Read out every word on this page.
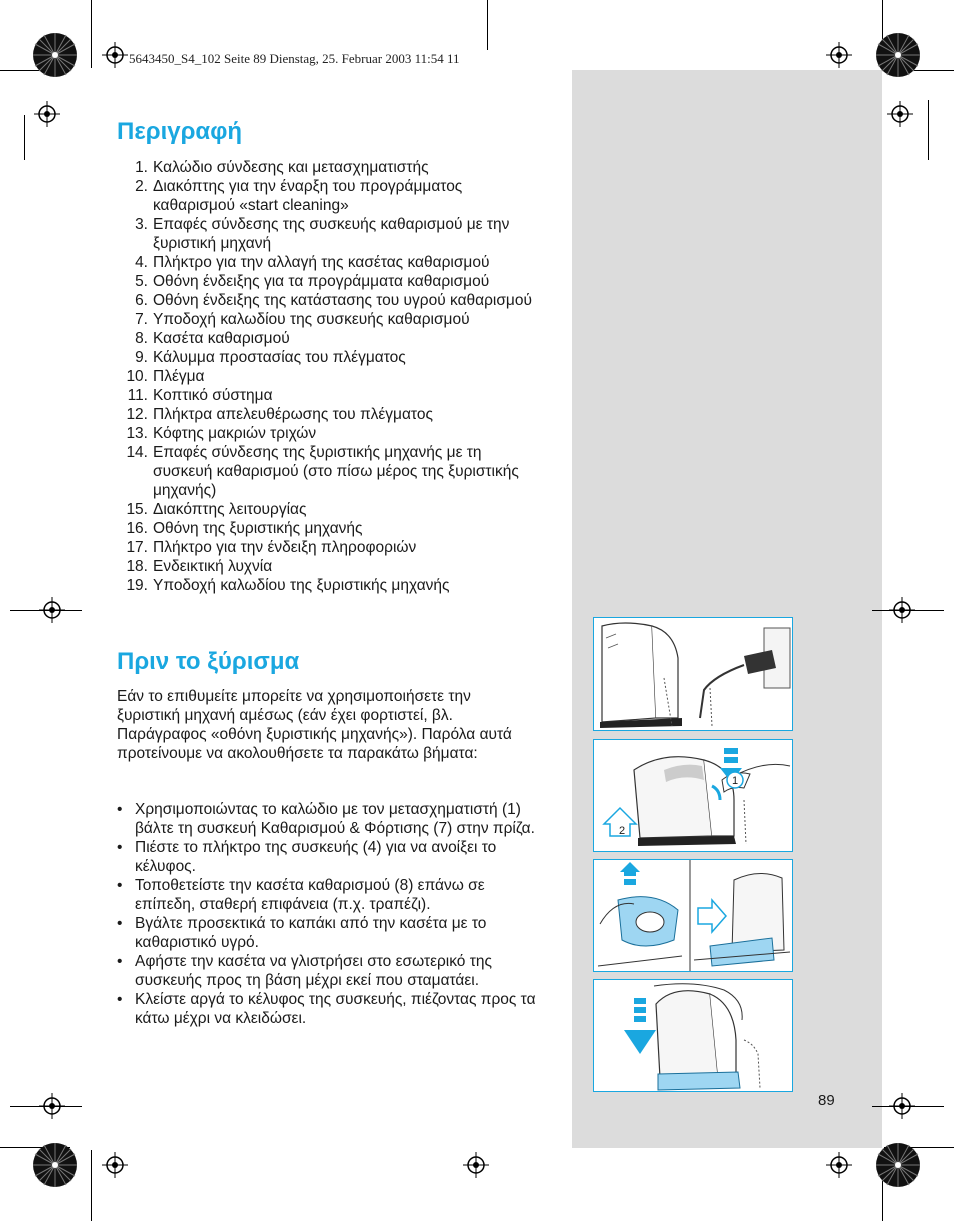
5643450_S4_102 Seite 89 Dienstag, 25. Februar 2003 11:54 11
Περιγραφή
1. Καλώδιο σύνδεσης και μετασχηματιστής
2. Διακόπτης για την έναρξη του προγράμματος καθαρισμού «start cleaning»
3. Επαφές σύνδεσης της συσκευής καθαρισμού με την ξυριστική μηχανή
4. Πλήκτρο για την αλλαγή της κασέτας καθαρισμού
5. Οθόνη ένδειξης για τα προγράμματα καθαρισμού
6. Οθόνη ένδειξης της κατάστασης του υγρού καθαρισμού
7. Υποδοχή καλωδίου της συσκευής καθαρισμού
8. Κασέτα καθαρισμού
9. Κάλυμμα προστασίας του πλέγματος
10. Πλέγμα
11. Κοπτικό σύστημα
12. Πλήκτρα απελευθέρωσης του πλέγματος
13. Κόφτης μακριών τριχών
14. Επαφές σύνδεσης της ξυριστικής μηχανής με τη συσκευή καθαρισμού (στο πίσω μέρος της ξυριστικής μηχανής)
15. Διακόπτης λειτουργίας
16. Οθόνη της ξυριστικής μηχανής
17. Πλήκτρο για την ένδειξη πληροφοριών
18. Ενδεικτική λυχνία
19. Υποδοχή καλωδίου της ξυριστικής μηχανής
Πριν το ξύρισμα

Εάν το επιθυμείτε μπορείτε να χρησιμοποιήσετε την ξυριστική μηχανή αμέσως (εάν έχει φορτιστεί, βλ. Παράγραφος «οθόνη ξυριστικής μηχανής»). Παρόλα αυτά προτείνουμε να ακολουθήσετε τα παρακάτω βήματα:

• Χρησιμοποιώντας το καλώδιο με τον μετασχηματιστή (1) βάλτε τη συσκευή Καθαρισμού & Φόρτισης (7) στην πρίζα.
• Πιέστε το πλήκτρο της συσκευής (4) για να ανοίξει το κέλυφος.
• Τοποθετείστε την κασέτα καθαρισμού (8) επάνω σε επίπεδη, σταθερή επιφάνεια (π.χ. τραπέζι).
• Βγάλτε προσεκτικά το καπάκι από την κασέτα με το καθαριστικό υγρό.
• Αφήστε την κασέτα να γλιστρήσει στο εσωτερικό της συσκευής προς τη βάση μέχρι εκεί που σταματάει.
• Κλείστε αργά το κέλυφος της συσκευής, πιέζοντας προς τα κάτω μέχρι να κλειδώσει.
1
2
89
